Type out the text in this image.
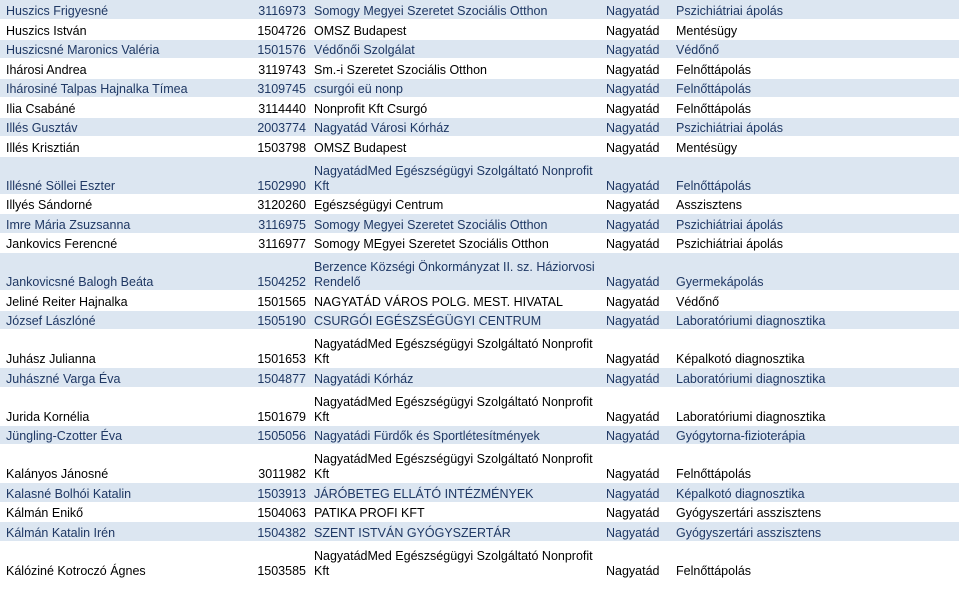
Huszics Frigyesné	3116973	Somogy Megyei Szeretet Szociális Otthon	Nagyatád	Pszichiátriai ápolás
Huszics István	1504726	OMSZ Budapest	Nagyatád	Mentésügy
Huszicsné Maronics Valéria	1501576	Védőnői Szolgálat	Nagyatád	Védőnő
Ihárosi Andrea	3119743	Sm.-i Szeretet Szociális Otthon	Nagyatád	Felnőttápolás
Ihárosiné Talpas Hajnalka Tímea	3109745	csurgói eü nonp	Nagyatád	Felnőttápolás
Ilia Csabáné	3114440	Nonprofit Kft Csurgó	Nagyatád	Felnőttápolás
Illés Gusztáv	2003774	Nagyatád Városi Kórház	Nagyatád	Pszichiátriai ápolás
Illés Krisztián	1503798	OMSZ Budapest	Nagyatád	Mentésügy
Illésné Söllei Eszter	1502990	NagyatádMed Egészségügyi Szolgáltató Nonprofit Kft	Nagyatád	Felnőttápolás
Illyés Sándorné	3120260	Egészségügyi Centrum	Nagyatád	Asszisztens
Imre Mária Zsuzsanna	3116975	Somogy Megyei Szeretet Szociális Otthon	Nagyatád	Pszichiátriai ápolás
Jankovics Ferencné	3116977	Somogy MEgyei Szeretet Szociális Otthon	Nagyatád	Pszichiátriai ápolás
Jankovicsné Balogh Beáta	1504252	Berzence Községi Önkormányzat II. sz. Háziorvosi Rendelő	Nagyatád	Gyermekápolás
Jeliné Reiter Hajnalka	1501565	NAGYATÁD VÁROS POLG. MEST. HIVATAL	Nagyatád	Védőnő
József Lászlóné	1505190	CSURGÓI EGÉSZSÉGÜGYI CENTRUM	Nagyatád	Laboratóriumi diagnosztika
Juhász Julianna	1501653	NagyatádMed Egészségügyi Szolgáltató Nonprofit Kft	Nagyatád	Képalkotó diagnosztika
Juhászné Varga Éva	1504877	Nagyatádi Kórház	Nagyatád	Laboratóriumi diagnosztika
Jurida Kornélia	1501679	NagyatádMed Egészségügyi Szolgáltató Nonprofit Kft	Nagyatád	Laboratóriumi diagnosztika
Jüngling-Czotter Éva	1505056	Nagyatádi Fürdők és Sportlétesítmények	Nagyatád	Gyógytorna-fizioterápia
Kalányos Jánosné	3011982	NagyatádMed Egészségügyi Szolgáltató Nonprofit Kft	Nagyatád	Felnőttápolás
Kalasné Bolhói Katalin	1503913	JÁRÓBETEG ELLÁTÓ INTÉZMÉNYEK	Nagyatád	Képalkotó diagnosztika
Kálmán Enikő	1504063	PATIKA PROFI KFT	Nagyatád	Gyógyszertári asszisztens
Kálmán Katalin Irén	1504382	SZENT ISTVÁN GYÓGYSZERTÁR	Nagyatád	Gyógyszertári asszisztens
Kálóziné Kotroczó Ágnes	1503585	NagyatádMed Egészségügyi Szolgáltató Nonprofit Kft	Nagyatád	Felnőttápolás
